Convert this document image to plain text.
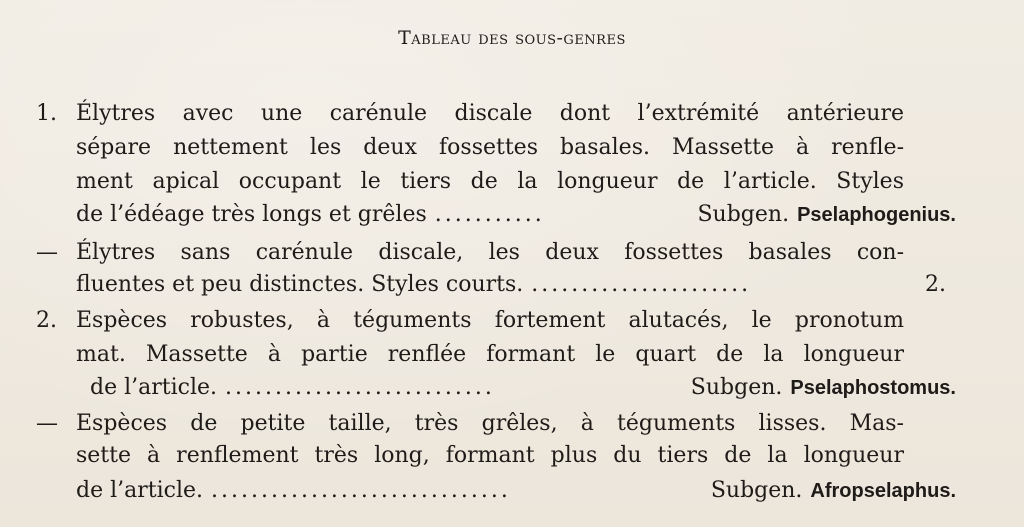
Tableau des sous-genres
1. Élytres avec une carénule discale dont l’extrémité antérieure
sépare nettement les deux fossettes basales. Massette à renfle-
ment apical occupant le tiers de la longueur de l’article. Styles
de l’édéage très longs et grêles ...........	Subgen. Pselaphogenius.
— Élytres sans carénule discale, les deux fossettes basales con-
fluentes et peu distinctes. Styles courts. ......................	2.
2. Espèces robustes, à téguments fortement alutacés, le pronotum
mat. Massette à partie renflée formant le quart de la longueur
de l’article. ...........................	Subgen. Pselaphostomus.
— Espèces de petite taille, très grêles, à téguments lisses. Mas-
sette à renflement très long, formant plus du tiers de la longueur
de l’article. ..............................	Subgen. Afropselaphus.
